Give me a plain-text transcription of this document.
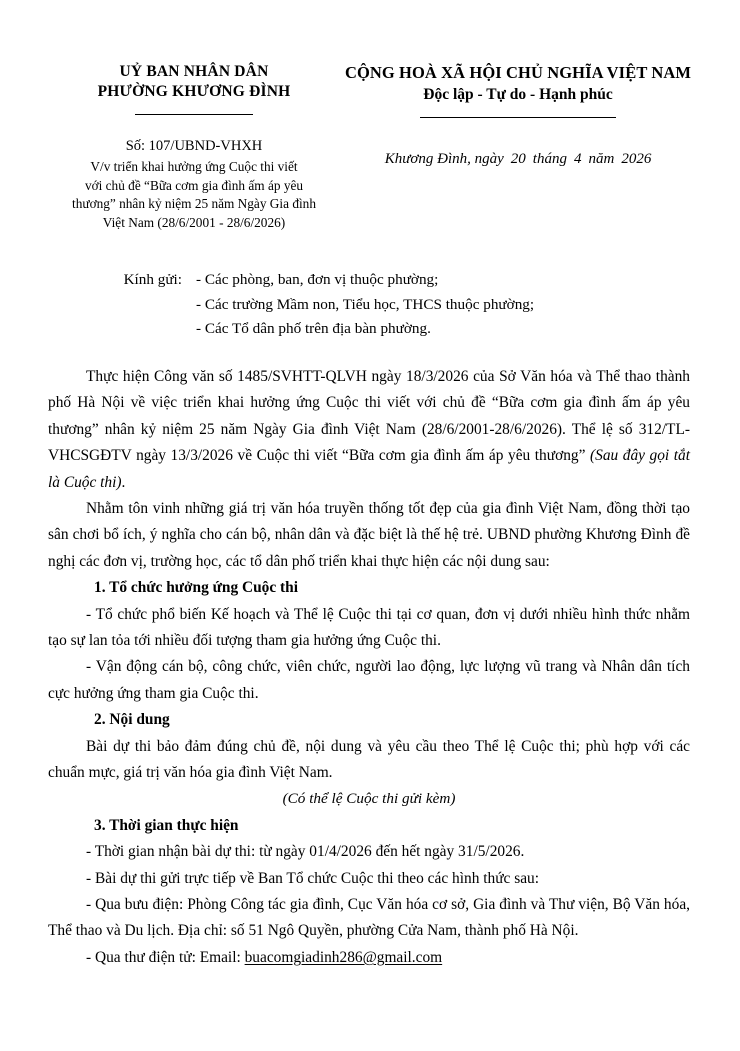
UỶ BAN NHÂN DÂN
PHƯỜNG KHƯƠNG ĐÌNH
Số: 107/UBND-VHXH
V/v triển khai hưởng ứng Cuộc thi viết
với chủ đề “Bữa cơm gia đình ấm áp yêu
thương” nhân kỷ niệm 25 năm Ngày Gia đình
Việt Nam (28/6/2001 - 28/6/2026)
CỘNG HOÀ XÃ HỘI CHỦ NGHĨA VIỆT NAM
Độc lập - Tự do - Hạnh phúc
Khương Đình, ngày 20 tháng 4 năm 2026
Kính gửi: - Các phòng, ban, đơn vị thuộc phường;
- Các trường Mầm non, Tiểu học, THCS thuộc phường;
- Các Tổ dân phố trên địa bàn phường.

Thực hiện Công văn số 1485/SVHTT-QLVH ngày 18/3/2026 của Sở Văn hóa và Thể thao thành phố Hà Nội về việc triển khai hưởng ứng Cuộc thi viết với chủ đề “Bữa cơm gia đình ấm áp yêu thương” nhân kỷ niệm 25 năm Ngày Gia đình Việt Nam (28/6/2001-28/6/2026). Thể lệ số 312/TL-VHCSGĐTV ngày 13/3/2026 về Cuộc thi viết “Bữa cơm gia đình ấm áp yêu thương” (Sau đây gọi tắt là Cuộc thi).

Nhằm tôn vinh những giá trị văn hóa truyền thống tốt đẹp của gia đình Việt Nam, đồng thời tạo sân chơi bổ ích, ý nghĩa cho cán bộ, nhân dân và đặc biệt là thế hệ trẻ. UBND phường Khương Đình đề nghị các đơn vị, trường học, các tổ dân phố triển khai thực hiện các nội dung sau:

1. Tổ chức hưởng ứng Cuộc thi

- Tổ chức phổ biến Kế hoạch và Thể lệ Cuộc thi tại cơ quan, đơn vị dưới nhiều hình thức nhằm tạo sự lan tỏa tới nhiều đối tượng tham gia hưởng ứng Cuộc thi.

- Vận động cán bộ, công chức, viên chức, người lao động, lực lượng vũ trang và Nhân dân tích cực hưởng ứng tham gia Cuộc thi.

2. Nội dung

Bài dự thi bảo đảm đúng chủ đề, nội dung và yêu cầu theo Thể lệ Cuộc thi; phù hợp với các chuẩn mực, giá trị văn hóa gia đình Việt Nam.

(Có thể lệ Cuộc thi gửi kèm)

3. Thời gian thực hiện

- Thời gian nhận bài dự thi: từ ngày 01/4/2026 đến hết ngày 31/5/2026.

- Bài dự thi gửi trực tiếp về Ban Tổ chức Cuộc thi theo các hình thức sau:

- Qua bưu điện: Phòng Công tác gia đình, Cục Văn hóa cơ sở, Gia đình và Thư viện, Bộ Văn hóa, Thể thao và Du lịch. Địa chỉ: số 51 Ngô Quyền, phường Cửa Nam, thành phố Hà Nội.

- Qua thư điện tử: Email: buacomgiadinh286@gmail.com
